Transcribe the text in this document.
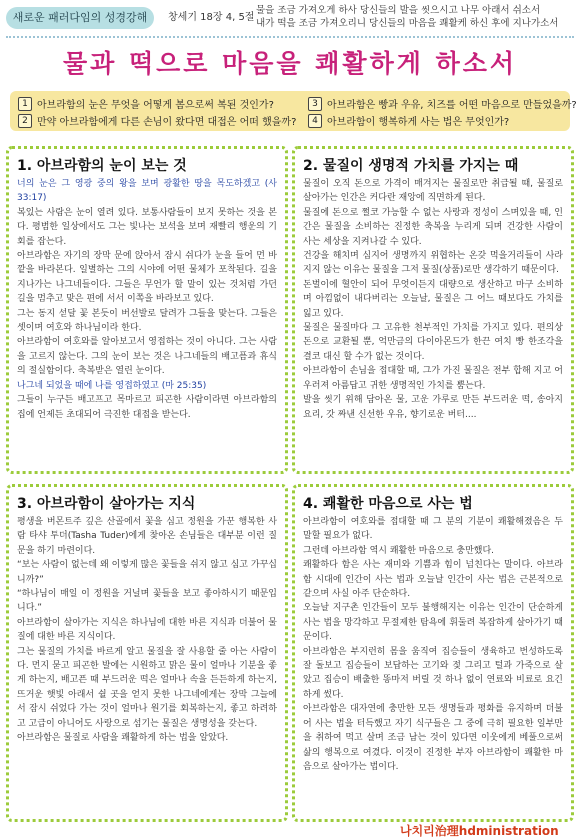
새로운 패러다임의 성경강해	창세기 18장 4, 5절
물을 조금 가져오게 하사 당신들의 발을 씻으시고 나무 아래서 쉬소서
내가 떡을 조금 가져오리니 당신들의 마음을 쾌활케 하신 후에 지나가소서
물과 떡으로 마음을 쾌활하게 하소서
1 아브라함의 눈은 무엇을 어떻게 봄으로써 복된 것인가?
2 만약 아브라함에게 다른 손님이 왔다면 대접은 어떠 했을까?
3 아브라함은 빵과 우유, 치즈를 어떤 마음으로 만들었을까?
4 아브라함이 행복하게 사는 법은 무엇인가?
1. 아브라함의 눈이 보는 것

너의 눈은 그 영광 중의 왕을 보며 광활한 땅을 목도하겠고 (사 33:17)

복있는 사람은 눈이 열려 있다. 보통사람들이 보지 못하는 것을 본다. 평범한 일상에서도 그는 빛나는 보석을 보며 재빨리 행운의 기회를 잡는다.

아브라함은 자기의 장막 문에 앉아서 잠시 쉬다가 눈을 들어 먼 바깥을 바라본다. 일별하는 그의 시야에 어떤 물체가 포착된다. 길을 지나가는 나그네들이다. 그들은 무언가 할 말이 있는 것처럼 가던 길을 멈추고 맞은 편에 서서 이쪽을 바라보고 있다.

그는 동지 섣달 꽃 본듯이 버선발로 달려가 그들을 맞는다. 그들은 셋이며 여호와 하나님이라 한다.

아브라함이 여호와를 알아보고서 영접하는 것이 아니다. 그는 사람을 고르지 않는다. 그의 눈이 보는 것은 나그네들의 배고픔과 휴식의 절실함이다. 축복받은 열린 눈이다.

나그네 되었을 때에 나를 영접하였고 (마 25:35)

그들이 누구든 배고프고 목마르고 피곤한 사람이라면 아브라함의 집에 언제든 초대되어 극진한 대접을 받는다.

2. 물질이 생명적 가치를 가지는 때

물질이 오직 돈으로 가격이 매겨지는 물질로만 취급될 때, 물질로 살아가는 인간은 커다란 재앙에 직면하게 된다.

물질에 돈으로 쩔코 가능할 수 없는 사랑과 정성이 스며있을 때, 인간은 물질을 소비하는 진정한 축복을 누리게 되며 건강한 사람이 사는 세상을 지켜나갈 수 있다.

건강을 해치며 심지어 생명까지 위협하는 온갖 먹을거리들이 사라지지 않는 이유는 물질을 그저 물질(상품)로만 생각하기 때문이다.

돈벌이에 혈안이 되어 무엇이든지 대량으로 생산하고 마구 소비하며 아낌없이 내다버리는 오늘날, 물질은 그 어느 때보다도 가치를 잃고 있다.

물질은 물질마다 그 고유한 천부적인 가치를 가지고 있다. 편의상 돈으로 교환될 뿐, 억만금의 다이아몬드가 한끈 여치 빵 한조각을 결코 대신 할 수가 없는 것이다.

아브라함이 손님을 접대할 때, 그가 가진 물질은 전부 합해 지고 어우러져 아름답고 귀한 생명적인 가치를 뿜는다.

발을 씻기 위해 담아온 물, 고운 가루로 만든 부드러운 떡, 송아지 요리, 갓 짜낸 신선한 우유, 향기로운 버터....

3. 아브라함이 살아가는 지식

평생을 버몬트주 깊은 산골에서 꽃을 심고 정원을 가꾼 행복한 사람 타샤 투더(Tasha Tuder)에게 찾아온 손님들은 대부분 이런 질문을 하기 마련이다.

“보는 사람이 없는데 왜 이렇게 많은 꽃들을 쉬지 않고 심고 가꾸십니까?”

“하나님이 매일 이 정원을 거닐며 꽃들을 보고 좋아하시기 때문입니다.”

아브라함이 살아가는 지식은 하나님에 대한 바른 지식과 더불어 물질에 대한 바른 지식이다.

그는 물질의 가치를 바르게 알고 물질을 잘 사용할 줄 아는 사람이다. 먼지 묻고 피곤한 발에는 시원하고 맑은 물이 얼마나 기분을 좋게 하는지, 배고픈 때 부드러운 떡은 얼마나 속을 든든하게 하는지, 뜨거운 햇빛 아래서 쉴 곳을 얻지 못한 나그네에게는 장막 그늘에서 잠시 쉬었다 가는 것이 얼마나 원기를 회복하는지, 좋고 하려하고 고급이 아니어도 사랑으로 섬기는 물질은 생명성을 갖는다.

아브라함은 물질로 사람을 쾌활하게 하는 법을 알았다.

4. 쾌활한 마음으로 사는 법

아브라함이 여호와를 접대할 때 그 분의 기분이 쾌활해졌음은 두 말할 필요가 없다.

그런데 아브라함 역시 쾌활한 마음으로 충만했다.

쾌활하다 함은 사는 재미와 기쁨과 힘이 넘친다는 말이다. 아브라함 시대에 인간이 사는 법과 오늘날 인간이 사는 법은 근본적으로 같으며 사실 아주 단순하다.

오늘날 지구촌 인간들이 모두 불행해지는 이유는 인간이 단순하게 사는 법을 망각하고 무절제한 탐욕에 휘둘려 복잡하게 살아가기 때문이다.

아브라함은 부지런히 몸을 움직여 집승들이 생육하고 번성하도록 잘 돌보고 집승들이 보답하는 고기와 젖 그리고 털과 가죽으로 살았고 집승이 배출한 똥마저 버릴 것 하나 없이 연료와 비료로 요긴하게 썼다.

아브라함은 대자연에 충만한 모든 생명들과 평화를 유지하며 더불어 사는 법을 터득했고 자기 식구들은 그 중에 극히 필요한 일부만을 취하여 먹고 살며 조금 남는 것이 있다면 이웃에게 베풀으로써 삶의 행복으로 여겼다. 이것이 진정한 부자 아브라함이 쾌활한 마음으로 살아가는 법이다.

나치리治理hdministration
